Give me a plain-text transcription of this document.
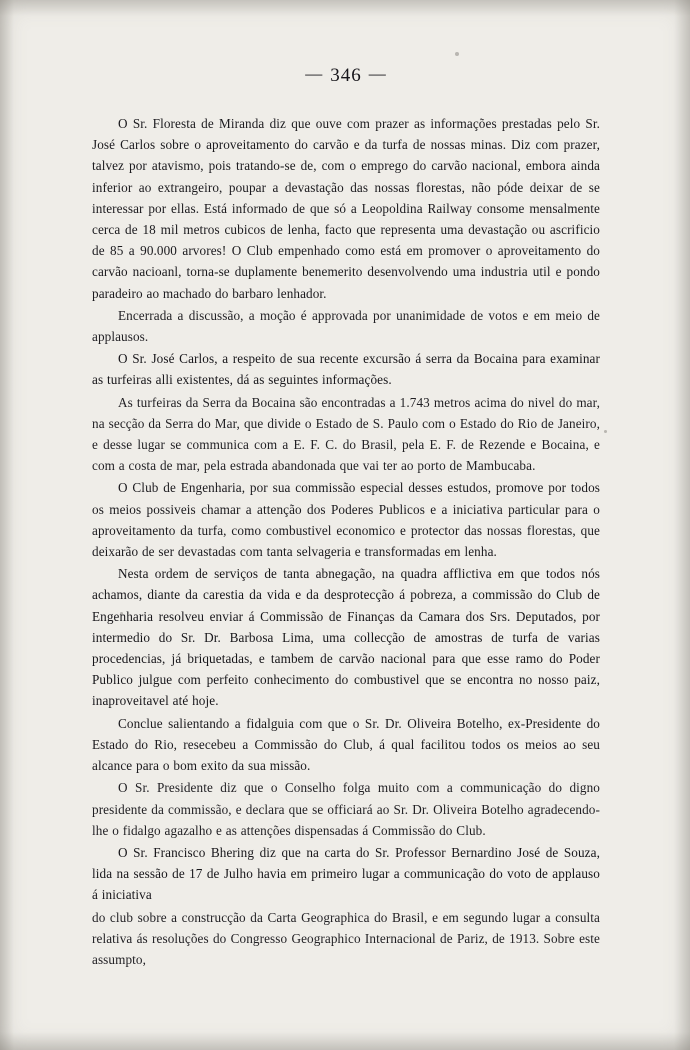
— 346 —

O Sr. Floresta de Miranda diz que ouve com prazer as informações prestadas pelo Sr. José Carlos sobre o aproveitamento do carvão e da turfa de nossas minas. Diz com prazer, talvez por atavismo, pois tratando-se de, com o emprego do carvão nacional, embora ainda inferior ao extrangeiro, poupar a devastação das nossas florestas, não póde deixar de se interessar por ellas. Está informado de que só a Leopoldina Railway consome mensalmente cerca de 18 mil metros cubicos de lenha, facto que representa uma devastação ou ascrificio de 85 a 90.000 arvores! O Club empenhado como está em promover o aproveitamento do carvão nacioanl, torna-se duplamente benemerito desenvolvendo uma industria util e pondo paradeiro ao machado do barbaro lenhador.

Encerrada a discussão, a moção é approvada por unanimidade de votos e em meio de applausos.

O Sr. José Carlos, a respeito de sua recente excursão á serra da Bocaina para examinar as turfeiras alli existentes, dá as seguintes informações.

As turfeiras da Serra da Bocaina são encontradas a 1.743 metros acima do nivel do mar, na secção da Serra do Mar, que divide o Estado de S. Paulo com o Estado do Rio de Janeiro, e desse lugar se communica com a E. F. C. do Brasil, pela E. F. de Rezende e Bocaina, e com a costa de mar, pela estrada abandonada que vai ter ao porto de Mambucaba.

O Club de Engenharia, por sua commissão especial desses estudos, promove por todos os meios possiveis chamar a attenção dos Poderes Publicos e a iniciativa particular para o aproveitamento da turfa, como combustivel economico e protector das nossas florestas, que deixarão de ser devastadas com tanta selvageria e transformadas em lenha.

Nesta ordem de serviços de tanta abnegação, na quadra afflictiva em que todos nós achamos, diante da carestia da vida e da desprotecção á pobreza, a commissão do Club de Engenharia resolveu enviar á Commissão de Finanças da Camara dos Srs. Deputados, por intermedio do Sr. Dr. Barbosa Lima, uma collecção de amostras de turfa de varias procedencias, já briquetadas, e tambem de carvão nacional para que esse ramo do Poder Publico julgue com perfeito conhecimento do combustivel que se encontra no nosso paiz, inaproveitavel até hoje.

Conclue salientando a fidalguia com que o Sr. Dr. Oliveira Botelho, ex-Presidente do Estado do Rio, resecebeu a Commissão do Club, á qual facilitou todos os meios ao seu alcance para o bom exito da sua missão.

O Sr. Presidente diz que o Conselho folga muito com a communicação do digno presidente da commissão, e declara que se officiará ao Sr. Dr. Oliveira Botelho agradecendo-lhe o fidalgo agazalho e as attenções dispensadas á Commissão do Club.

O Sr. Francisco Bhering diz que na carta do Sr. Professor Bernardino José de Souza, lida na sessão de 17 de Julho havia em primeiro lugar a communicação do voto de applauso á iniciativa

do club sobre a construcção da Carta Geographica do Brasil, e em segundo lugar a consulta relativa ás resoluções do Congresso Geographico Internacional de Pariz, de 1913. Sobre este assumpto,
